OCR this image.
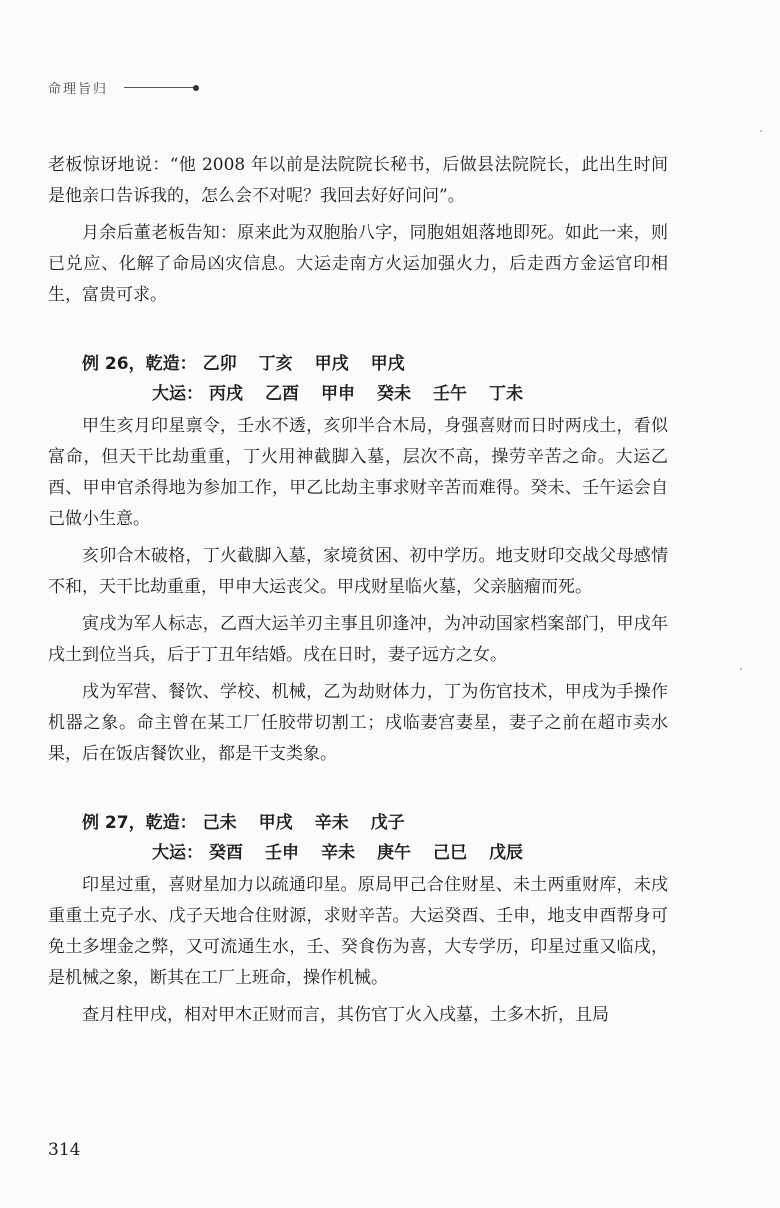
命理旨归

老板惊讶地说：“他 2008 年以前是法院院长秘书，后做县法院院长，此出生时间是他亲口告诉我的，怎么会不对呢？我回去好好问问”。

月余后董老板告知：原来此为双胞胎八字，同胞姐姐落地即死。如此一来，则已兑应、化解了命局凶灾信息。大运走南方火运加强火力，后走西方金运官印相生，富贵可求。

例 26，乾造： 乙卯 丁亥 甲戌 甲戌
大运： 丙戌 乙酉 甲申 癸未 壬午 丁未

甲生亥月印星禀令，壬水不透，亥卯半合木局，身强喜财而日时两戌土，看似富命，但天干比劫重重，丁火用神截脚入墓，层次不高，操劳辛苦之命。大运乙酉、甲申官杀得地为参加工作，甲乙比劫主事求财辛苦而难得。癸未、壬午运会自己做小生意。

亥卯合木破格，丁火截脚入墓，家境贫困、初中学历。地支财印交战父母感情不和，天干比劫重重，甲申大运丧父。甲戌财星临火墓，父亲脑瘤而死。

寅戌为军人标志，乙酉大运羊刃主事且卯逢冲，为冲动国家档案部门，甲戌年戌土到位当兵，后于丁丑年结婚。戌在日时，妻子远方之女。

戌为军营、餐饮、学校、机械，乙为劫财体力，丁为伤官技术，甲戌为手操作机器之象。命主曾在某工厂任胶带切割工；戌临妻宫妻星，妻子之前在超市卖水果，后在饭店餐饮业，都是干支类象。

例 27，乾造： 己未 甲戌 辛未 戊子
大运： 癸酉 壬申 辛未 庚午 己巳 戊辰

印星过重，喜财星加力以疏通印星。原局甲己合住财星、未土两重财库，未戌重重土克子水、戊子天地合住财源，求财辛苦。大运癸酉、壬申，地支申酉帮身可免土多埋金之弊，又可流通生水，壬、癸食伤为喜，大专学历，印星过重又临戌，是机械之象，断其在工厂上班命，操作机械。

查月柱甲戌，相对甲木正财而言，其伤官丁火入戌墓，土多木折，且局

314
